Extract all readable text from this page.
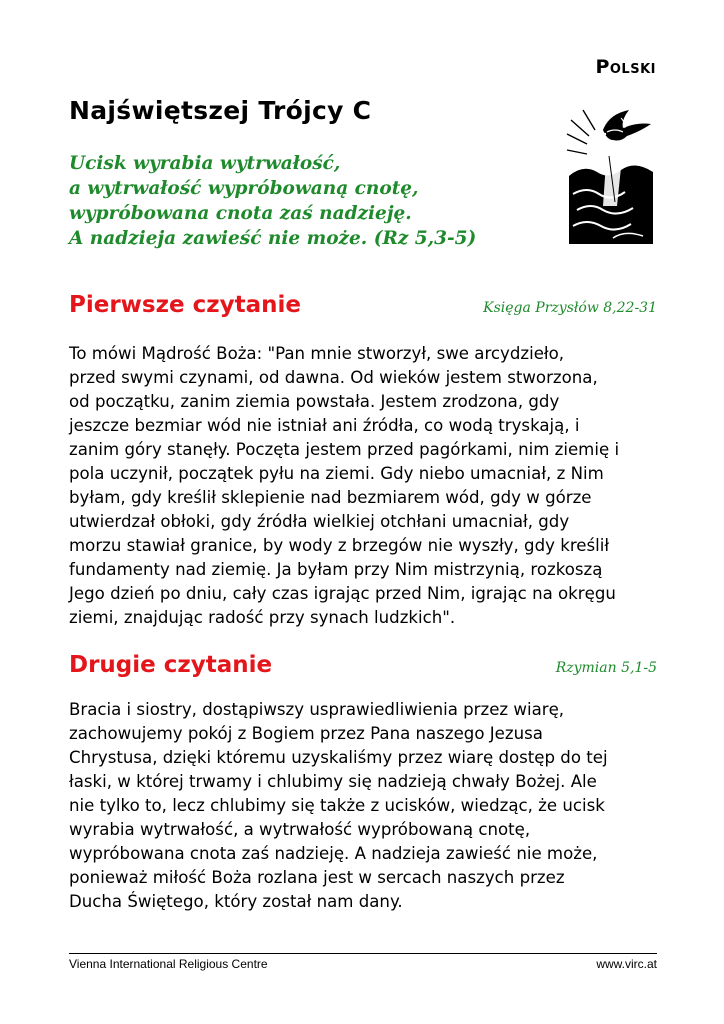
Polski
Najświętszej Trójcy C
Ucisk wyrabia wytrwałość,
a wytrwałość wypróbowaną cnotę,
wypróbowana cnota zaś nadzieję.
A nadzieja zawieść nie może. (Rz 5,3-5)
Pierwsze czytanie	Księga Przysłów 8,22-31
To mówi Mądrość Boża: "Pan mnie stworzył, swe arcydzieło,
przed swymi czynami, od dawna. Od wieków jestem stworzona,
od początku, zanim ziemia powstała. Jestem zrodzona, gdy
jeszcze bezmiar wód nie istniał ani źródła, co wodą tryskają, i
zanim góry stanęły. Poczęta jestem przed pagórkami, nim ziemię i
pola uczynił, początek pyłu na ziemi. Gdy niebo umacniał, z Nim
byłam, gdy kreślił sklepienie nad bezmiarem wód, gdy w górze
utwierdzał obłoki, gdy źródła wielkiej otchłani umacniał, gdy
morzu stawiał granice, by wody z brzegów nie wyszły, gdy kreślił
fundamenty nad ziemię. Ja byłam przy Nim mistrzynią, rozkoszą
Jego dzień po dniu, cały czas igrając przed Nim, igrając na okręgu
ziemi, znajdując radość przy synach ludzkich".
Drugie czytanie	Rzymian 5,1-5
Bracia i siostry, dostąpiwszy usprawiedliwienia przez wiarę,
zachowujemy pokój z Bogiem przez Pana naszego Jezusa
Chrystusa, dzięki któremu uzyskaliśmy przez wiarę dostęp do tej
łaski, w której trwamy i chlubimy się nadzieją chwały Bożej. Ale
nie tylko to, lecz chlubimy się także z ucisków, wiedząc, że ucisk
wyrabia wytrwałość, a wytrwałość wypróbowaną cnotę,
wypróbowana cnota zaś nadzieję. A nadzieja zawieść nie może,
ponieważ miłość Boża rozlana jest w sercach naszych przez
Ducha Świętego, który został nam dany.
Vienna International Religious Centre	www.virc.at
